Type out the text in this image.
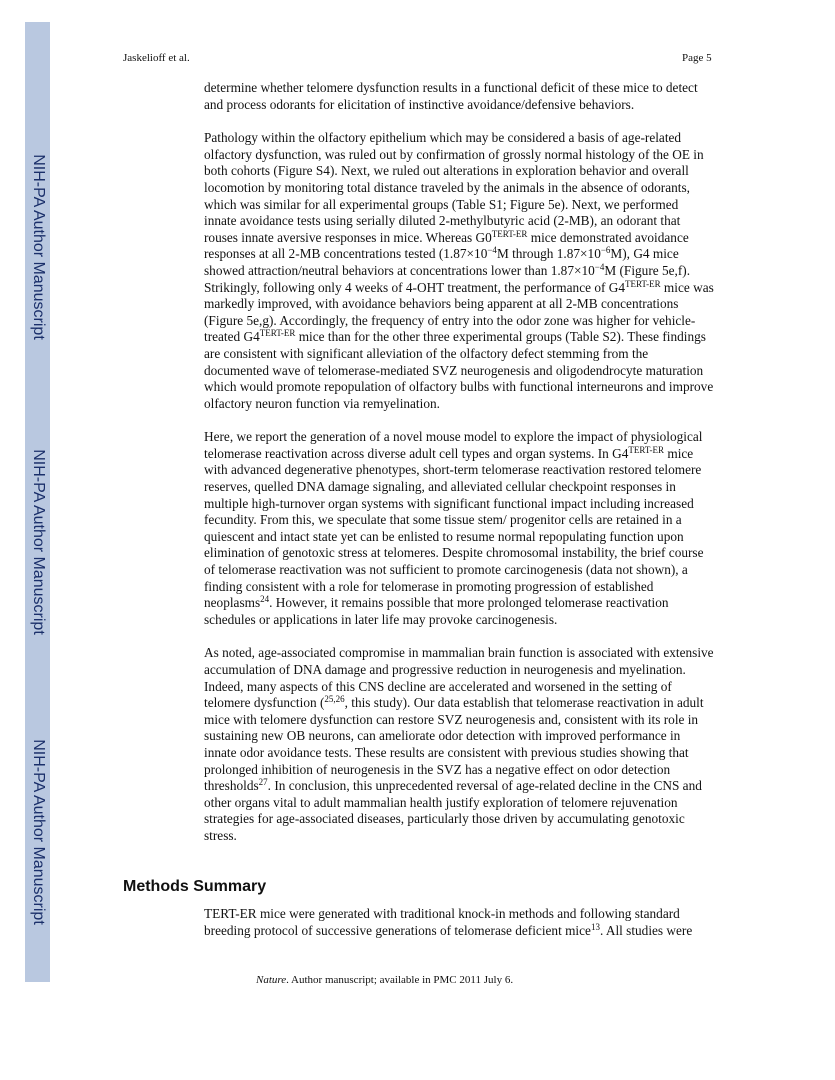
NIH-PA Author Manuscript
NIH-PA Author Manuscript
NIH-PA Author Manuscript
Jaskelioff et al.	Page 5

determine whether telomere dysfunction results in a functional deficit of these mice to detect and process odorants for elicitation of instinctive avoidance/defensive behaviors.

Pathology within the olfactory epithelium which may be considered a basis of age-related olfactory dysfunction, was ruled out by confirmation of grossly normal histology of the OE in both cohorts (Figure S4). Next, we ruled out alterations in exploration behavior and overall locomotion by monitoring total distance traveled by the animals in the absence of odorants, which was similar for all experimental groups (Table S1; Figure 5e). Next, we performed innate avoidance tests using serially diluted 2-methylbutyric acid (2-MB), an odorant that rouses innate aversive responses in mice. Whereas $G0^{TERT-ER}$ mice demonstrated avoidance responses at all 2-MB concentrations tested ($1.87\times 10^{-4}M$ through $1.87\times 10^{-6}M$), G4 mice showed attraction/neutral behaviors at concentrations lower than $1.87\times 10^{-4}M$ (Figure 5e,f). Strikingly, following only 4 weeks of 4-OHT treatment, the performance of $G4^{TERT-ER}$ mice was markedly improved, with avoidance behaviors being apparent at all 2-MB concentrations (Figure 5e,g). Accordingly, the frequency of entry into the odor zone was higher for vehicle-treated $G4^{TERT-ER}$ mice than for the other three experimental groups (Table S2). These findings are consistent with significant alleviation of the olfactory defect stemming from the documented wave of telomerase-mediated SVZ neurogenesis and oligodendrocyte maturation which would promote repopulation of olfactory bulbs with functional interneurons and improve olfactory neuron function via remyelination.

Here, we report the generation of a novel mouse model to explore the impact of physiological telomerase reactivation across diverse adult cell types and organ systems. In $G4^{TERT-ER}$ mice with advanced degenerative phenotypes, short-term telomerase reactivation restored telomere reserves, quelled DNA damage signaling, and alleviated cellular checkpoint responses in multiple high-turnover organ systems with significant functional impact including increased fecundity. From this, we speculate that some tissue stem/ progenitor cells are retained in a quiescent and intact state yet can be enlisted to resume normal repopulating function upon elimination of genotoxic stress at telomeres. Despite chromosomal instability, the brief course of telomerase reactivation was not sufficient to promote carcinogenesis (data not shown), a finding consistent with a role for telomerase in promoting progression of established neoplasms$^{24}$. However, it remains possible that more prolonged telomerase reactivation schedules or applications in later life may provoke carcinogenesis.

As noted, age-associated compromise in mammalian brain function is associated with extensive accumulation of DNA damage and progressive reduction in neurogenesis and myelination. Indeed, many aspects of this CNS decline are accelerated and worsened in the setting of telomere dysfunction ($^{25,26}$, this study). Our data establish that telomerase reactivation in adult mice with telomere dysfunction can restore SVZ neurogenesis and, consistent with its role in sustaining new OB neurons, can ameliorate odor detection with improved performance in innate odor avoidance tests. These results are consistent with previous studies showing that prolonged inhibition of neurogenesis in the SVZ has a negative effect on odor detection thresholds$^{27}$. In conclusion, this unprecedented reversal of age-related decline in the CNS and other organs vital to adult mammalian health justify exploration of telomere rejuvenation strategies for age-associated diseases, particularly those driven by accumulating genotoxic stress.

Methods Summary

TERT-ER mice were generated with traditional knock-in methods and following standard breeding protocol of successive generations of telomerase deficient mice$^{13}$. All studies were

Nature. Author manuscript; available in PMC 2011 July 6.
